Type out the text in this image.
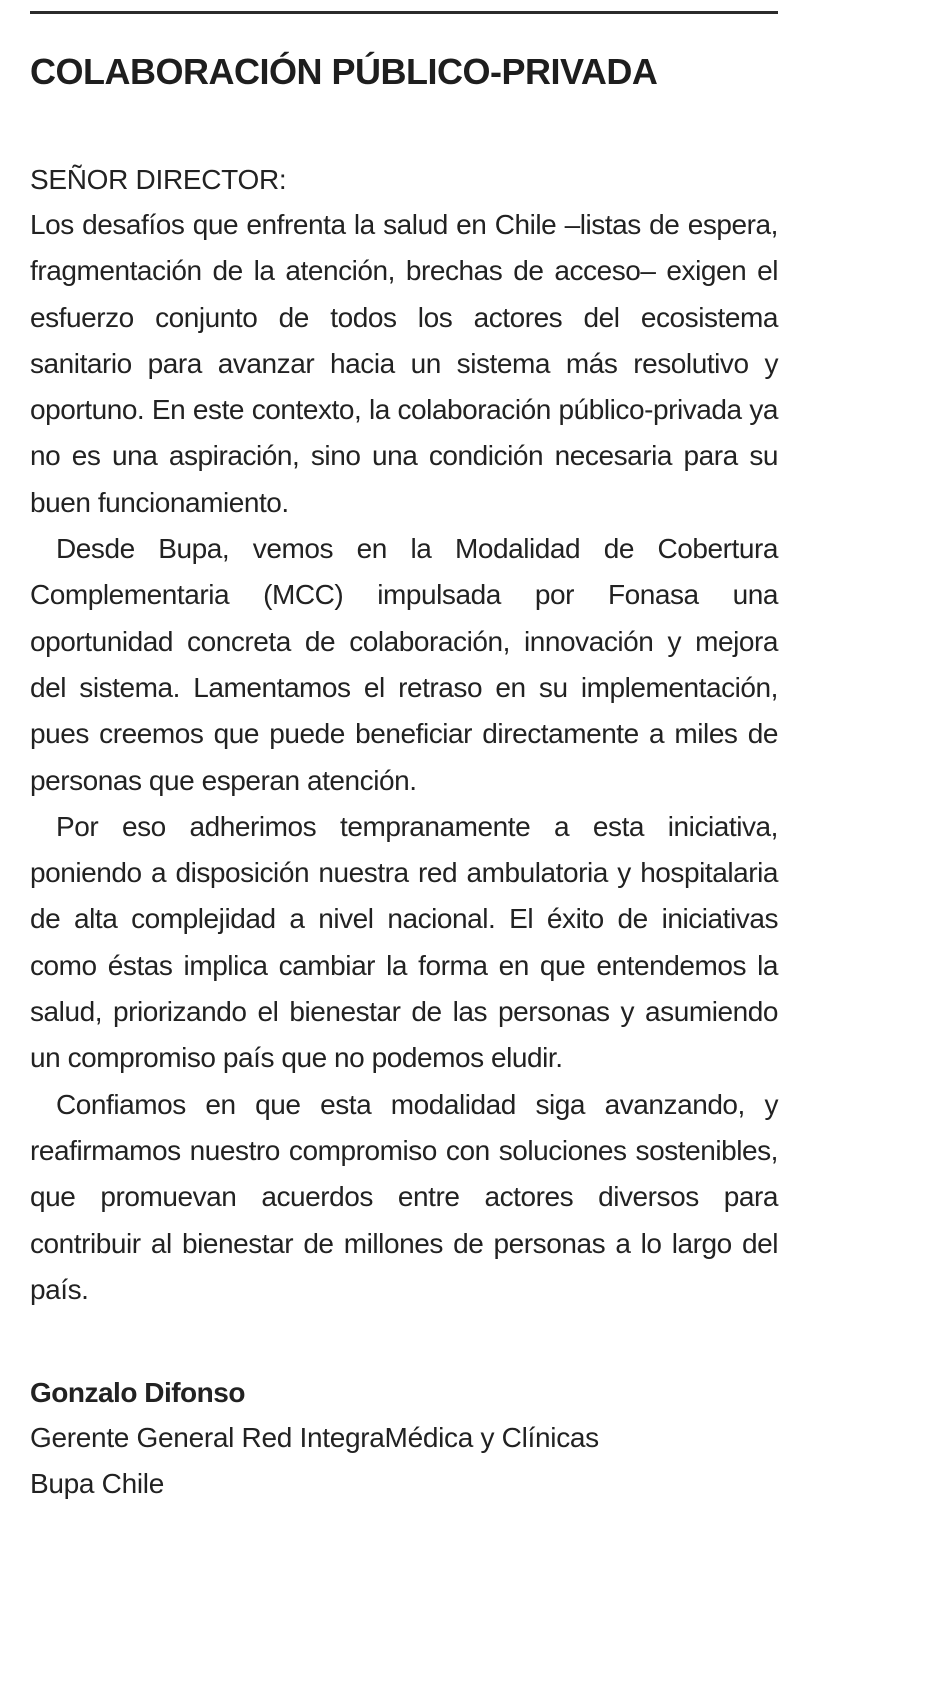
COLABORACIÓN PÚBLICO-PRIVADA
SEÑOR DIRECTOR:

Los desafíos que enfrenta la salud en Chile –listas de espera, fragmentación de la atención, brechas de acceso– exigen el esfuerzo conjunto de todos los actores del ecosistema sanitario para avanzar hacia un sistema más resolutivo y oportuno. En este contexto, la colaboración público-privada ya no es una aspiración, sino una condición necesaria para su buen funcionamiento.

Desde Bupa, vemos en la Modalidad de Cobertura Complementaria (MCC) impulsada por Fonasa una oportunidad concreta de colaboración, innovación y mejora del sistema. Lamentamos el retraso en su implementación, pues creemos que puede beneficiar directamente a miles de personas que esperan atención.

Por eso adherimos tempranamente a esta iniciativa, poniendo a disposición nuestra red ambulatoria y hospitalaria de alta complejidad a nivel nacional. El éxito de iniciativas como éstas implica cambiar la forma en que entendemos la salud, priorizando el bienestar de las personas y asumiendo un compromiso país que no podemos eludir.

Confiamos en que esta modalidad siga avanzando, y reafirmamos nuestro compromiso con soluciones sostenibles, que promuevan acuerdos entre actores diversos para contribuir al bienestar de millones de personas a lo largo del país.

Gonzalo Difonso
Gerente General Red IntegraMédica y Clínicas
Bupa Chile
